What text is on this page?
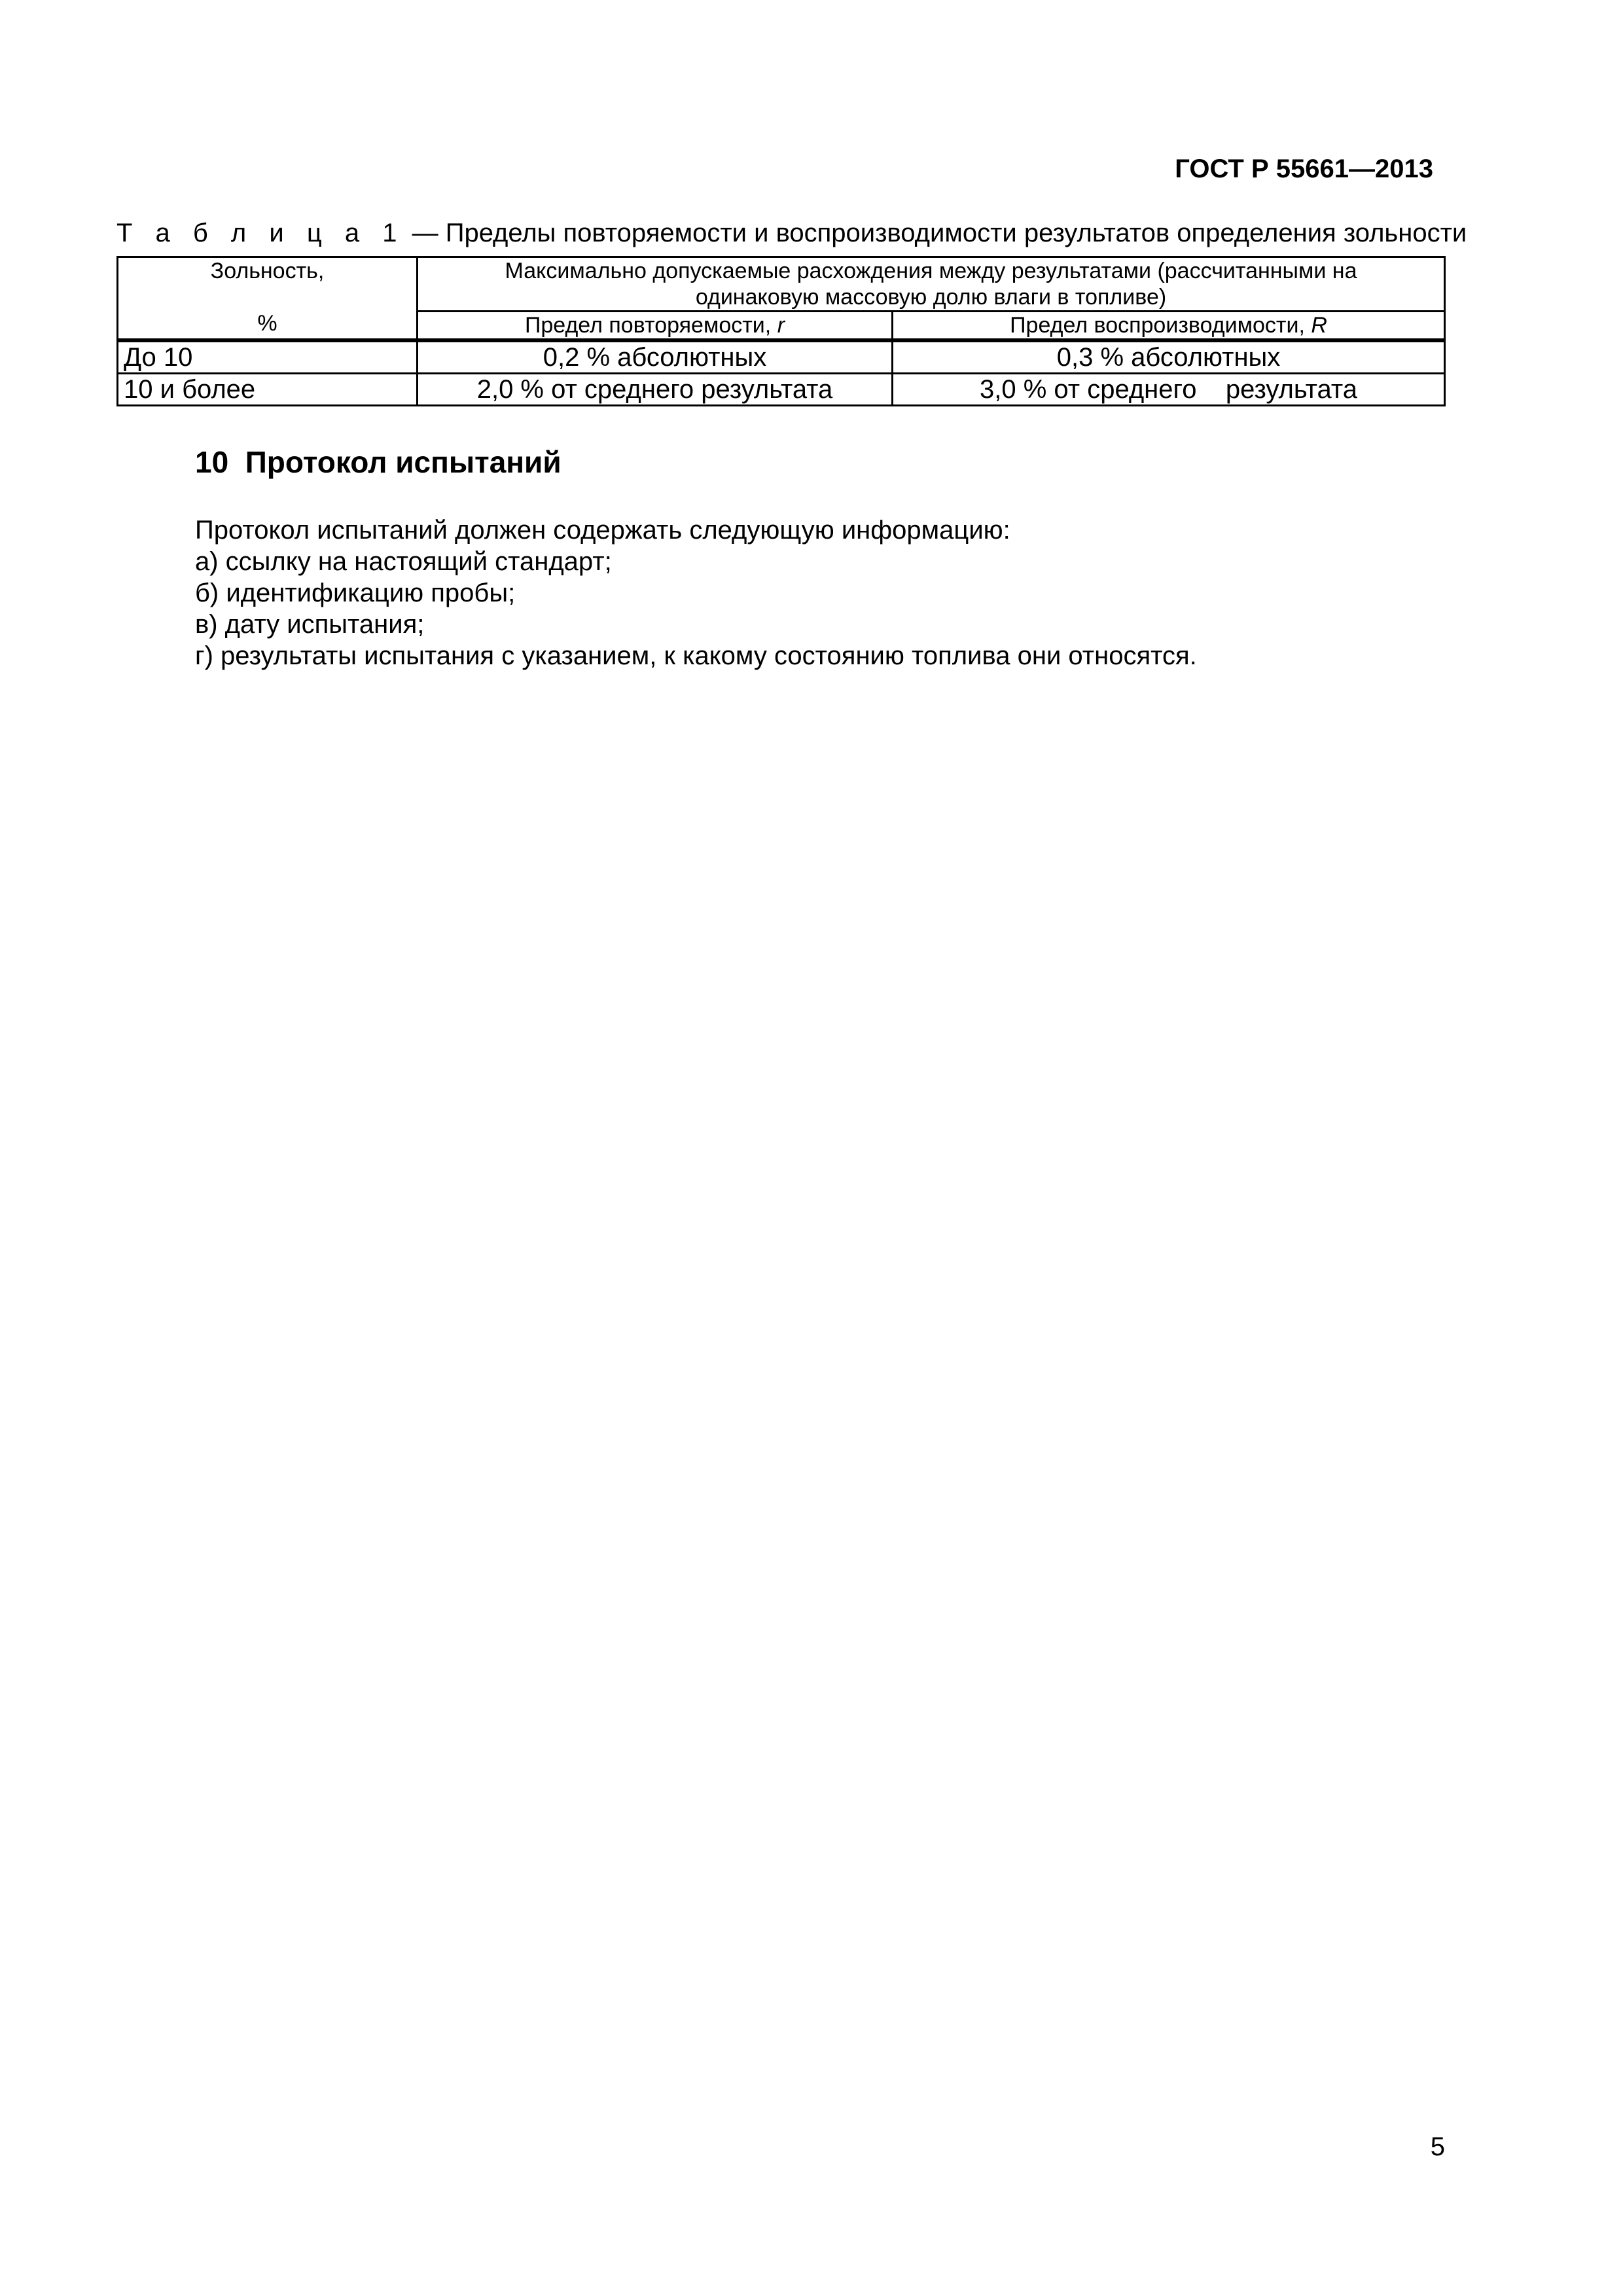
ГОСТ Р 55661—2013
Т а б л и ц а 1 — Пределы повторяемости и воспроизводимости результатов определения зольности
Зольность,
%	Максимально допускаемые расхождения между результатами (рассчитанными на одинаковую массовую долю влаги в топливе)	
	Предел повторяемости, r	Предел воспроизводимости, R
До 10	0,2 % абсолютных	0,3 % абсолютных
10 и более	2,0 % от среднего результата	3,0 % от среднего    результата
10  Протокол испытаний
Протокол испытаний должен содержать следующую информацию:
а) ссылку на настоящий стандарт;
б) идентификацию пробы;
в) дату испытания;
г) результаты испытания с указанием, к какому состоянию топлива они относятся.
5
